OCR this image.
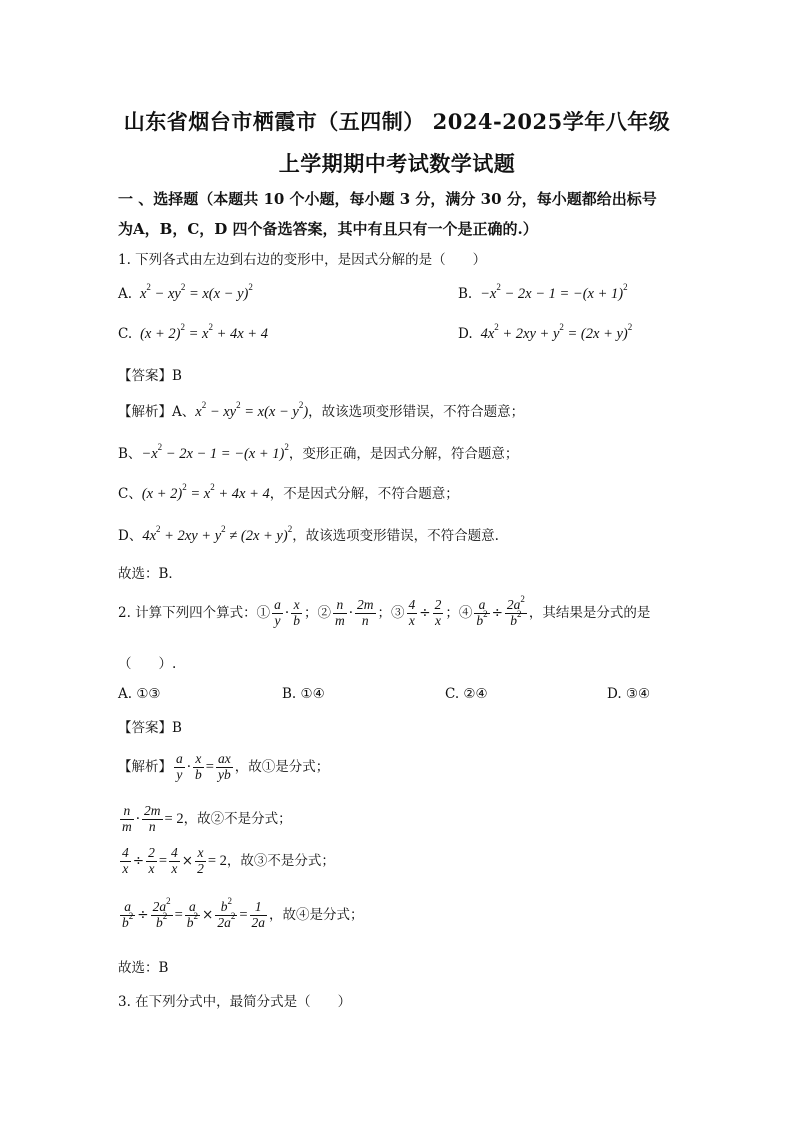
山东省烟台市栖霞市（五四制） 2024-2025学年八年级
上学期期中考试数学试题
一 、选择题（本题共 10 个小题，每小题 3 分，满分 30 分，每小题都给出标号
为A，B，C，D 四个备选答案，其中有且只有一个是正确的.）
1. 下列各式由左边到右边的变形中，是因式分解的是（　　）
A.  $x^2 - xy^2 = x(x - y)^2$	B.  $-x^2 - 2x - 1 = -(x + 1)^2$
C.  $(x + 2)^2 = x^2 + 4x + 4$	D.  $4x^2 + 2xy + y^2 = (2x + y)^2$
【答案】B
【解析】A、$x^2 - xy^2 = x(x - y^2)$，故该选项变形错误，不符合题意；
B、$-x^2 - 2x - 1 = -(x + 1)^2$，变形正确，是因式分解，符合题意；
C、$(x + 2)^2 = x^2 + 4x + 4$，不是因式分解，不符合题意；
D、$4x^2 + 2xy + y^2 \ne (2x + y)^2$，故该选项变形错误，不符合题意.
故选：B．
2. 计算下列四个算式：① $\frac{a}{y} \cdot \frac{x}{b}$ ；② $\frac{n}{m} \cdot \frac{2m}{n}$ ；③ $\frac{4}{x} \div \frac{2}{x}$ ；④ $\frac{a}{b^2} \div \frac{2a^2}{b^2}$ ，其结果是分式的是
（　　）.
A. ①③	B. ①④	C. ②④	D. ③④
【答案】B
【解析】 $\frac{a}{y} \cdot \frac{x}{b} = \frac{ax}{yb}$ ，故①是分式；
$\frac{n}{m} \cdot \frac{2m}{n} = 2$，故②不是分式；
$\frac{4}{x} \div \frac{2}{x} = \frac{4}{x} \times \frac{x}{2} = 2$，故③不是分式；
$\frac{a}{b^2} \div \frac{2a^2}{b^2} = \frac{a}{b^2} \times \frac{b^2}{2a^2} = \frac{1}{2a}$ ，故④是分式；
故选：B
3. 在下列分式中，最简分式是（　　）
